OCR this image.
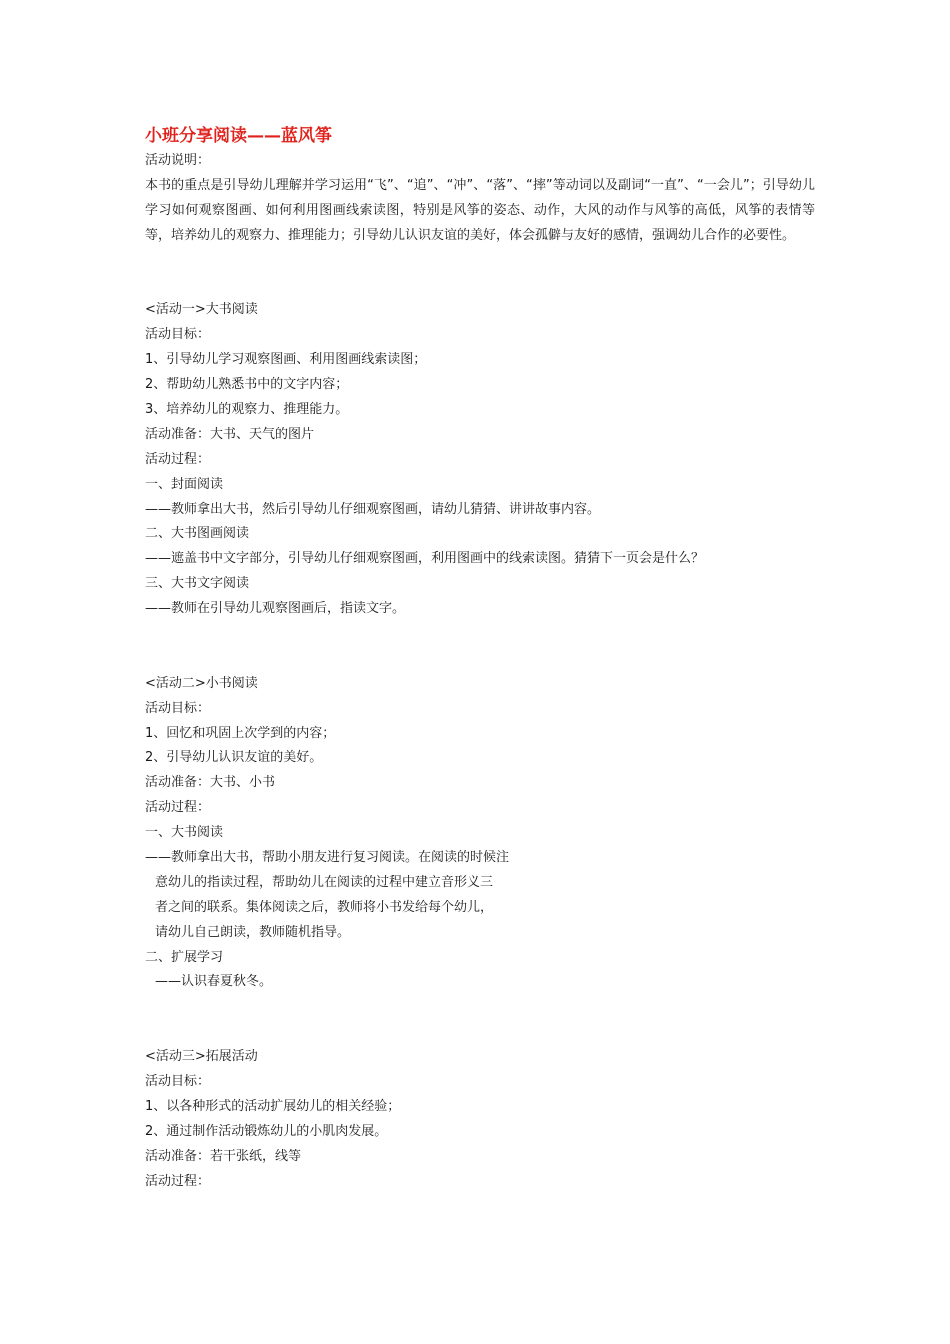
小班分享阅读——蓝风筝
活动说明：
本书的重点是引导幼儿理解并学习运用“飞”、“追”、“冲”、“落”、“摔”等动词以及副词“一直”、“一会儿”；引导幼儿学习如何观察图画、如何利用图画线索读图，特别是风筝的姿态、动作，大风的动作与风筝的高低，风筝的表情等等，培养幼儿的观察力、推理能力；引导幼儿认识友谊的美好，体会孤僻与友好的感情，强调幼儿合作的必要性。
<活动一>大书阅读
活动目标：
1、引导幼儿学习观察图画、利用图画线索读图；
2、帮助幼儿熟悉书中的文字内容；
3、培养幼儿的观察力、推理能力。
活动准备：大书、天气的图片
活动过程：
一、封面阅读
——教师拿出大书，然后引导幼儿仔细观察图画，请幼儿猜猜、讲讲故事内容。
二、大书图画阅读
——遮盖书中文字部分，引导幼儿仔细观察图画，利用图画中的线索读图。猜猜下一页会是什么？
三、大书文字阅读
——教师在引导幼儿观察图画后，指读文字。
<活动二>小书阅读
活动目标：
1、回忆和巩固上次学到的内容；
2、引导幼儿认识友谊的美好。
活动准备：大书、小书
活动过程：
一、大书阅读
——教师拿出大书，帮助小朋友进行复习阅读。在阅读的时候注
意幼儿的指读过程，帮助幼儿在阅读的过程中建立音形义三
者之间的联系。集体阅读之后，教师将小书发给每个幼儿，
请幼儿自己朗读，教师随机指导。
二、扩展学习
——认识春夏秋冬。
<活动三>拓展活动
活动目标：
1、以各种形式的活动扩展幼儿的相关经验；
2、通过制作活动锻炼幼儿的小肌肉发展。
活动准备：若干张纸，线等
活动过程：
